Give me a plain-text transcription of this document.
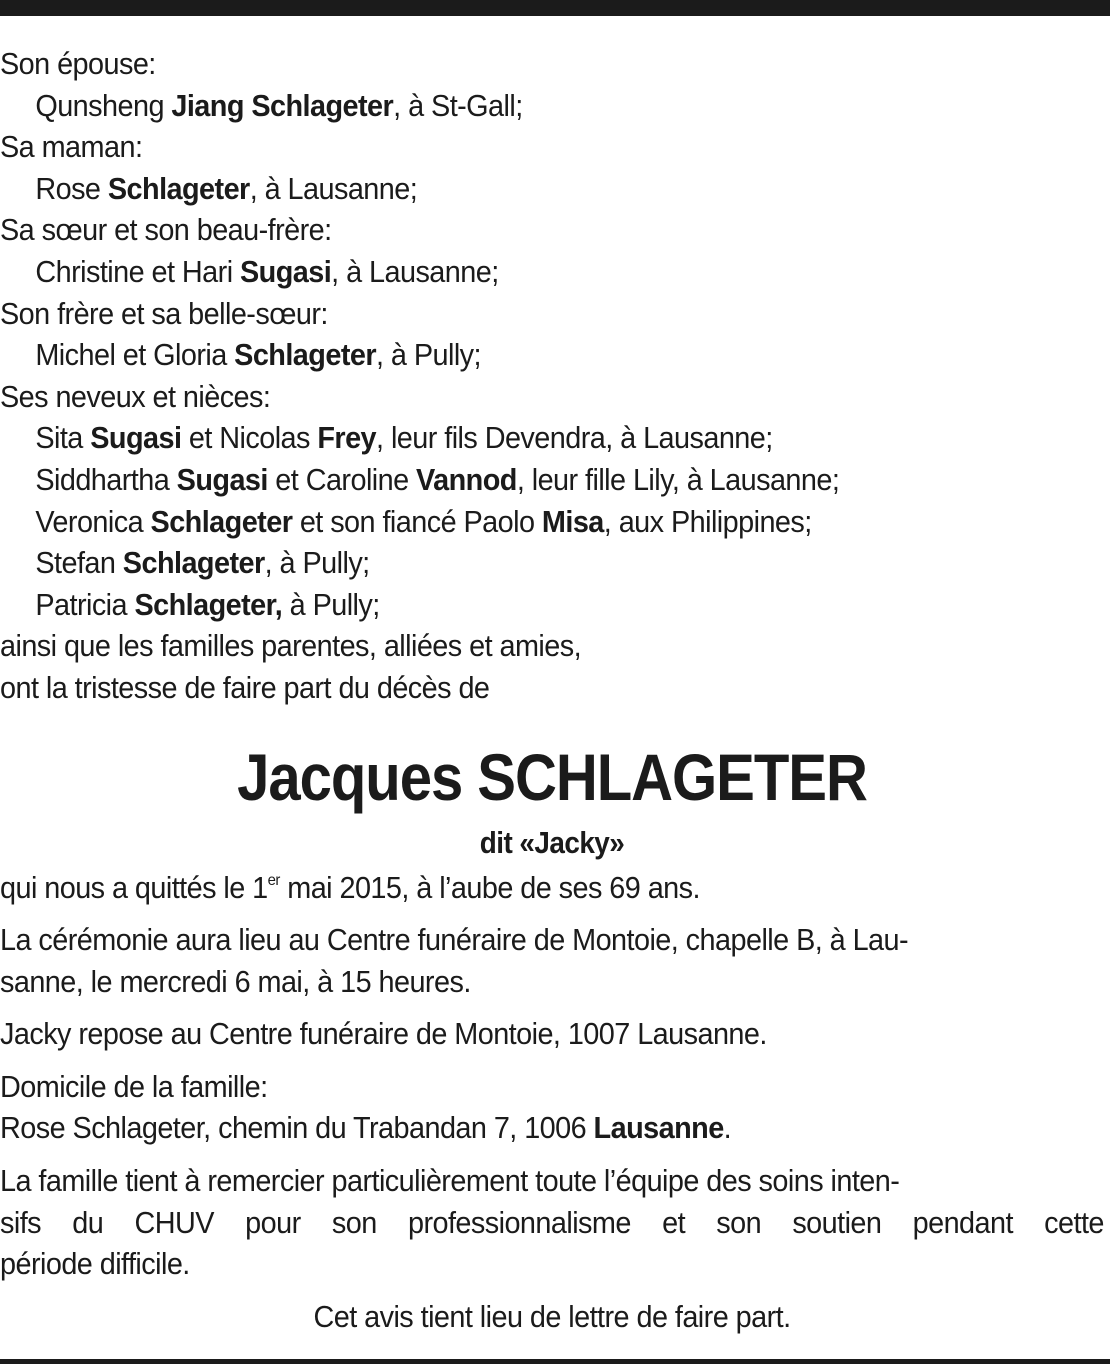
Son épouse:
Qunsheng Jiang Schlageter, à St-Gall;
Sa maman:
Rose Schlageter, à Lausanne;
Sa sœur et son beau-frère:
Christine et Hari Sugasi, à Lausanne;
Son frère et sa belle-sœur:
Michel et Gloria Schlageter, à Pully;
Ses neveux et nièces:
Sita Sugasi et Nicolas Frey, leur fils Devendra, à Lausanne;
Siddhartha Sugasi et Caroline Vannod, leur fille Lily, à Lausanne;
Veronica Schlageter et son fiancé Paolo Misa, aux Philippines;
Stefan Schlageter, à Pully;
Patricia Schlageter, à Pully;
ainsi que les familles parentes, alliées et amies,
ont la tristesse de faire part du décès de
Jacques SCHLAGETER
dit «Jacky»
qui nous a quittés le 1er mai 2015, à l’aube de ses 69 ans.
La cérémonie aura lieu au Centre funéraire de Montoie, chapelle B, à Lau-
sanne, le mercredi 6 mai, à 15 heures.
Jacky repose au Centre funéraire de Montoie, 1007 Lausanne.
Domicile de la famille:
Rose Schlageter, chemin du Trabandan 7, 1006 Lausanne.
La famille tient à remercier particulièrement toute l’équipe des soins inten-
sifs du CHUV pour son professionnalisme et son soutien pendant cette
période difficile.
Cet avis tient lieu de lettre de faire part.
